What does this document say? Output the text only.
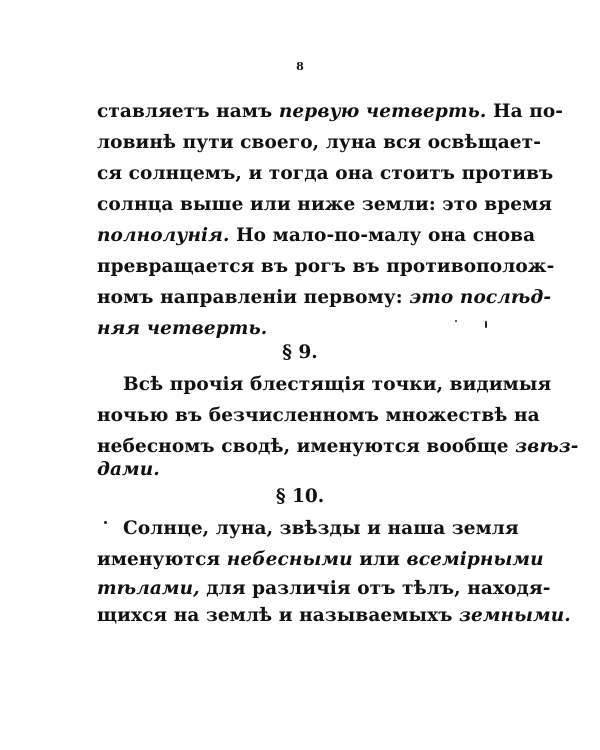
8
ставляетъ намъ первую четверть. На по-
ловинѣ пути своего, луна вся освѣщает-
ся солнцемъ, и тогда она стоитъ противъ
солнца выше или ниже земли: это время
полнолунія. Но мало-по-малу она снова
превращается въ рогъ въ противополож-
номъ направленіи первому: это послѣд-
няя четверть.
§ 9.
Всѣ прочія блестящія точки, видимыя
ночью въ безчисленномъ множествѣ на
небесномъ сводѣ, именуются вообще звѣз-
дами.
§ 10.
Солнце, луна, звѣзды и наша земля
именуются небесными или всемірными
тѣлами, для различія отъ тѣлъ, находя-
щихся на землѣ и называемыхъ земными.
